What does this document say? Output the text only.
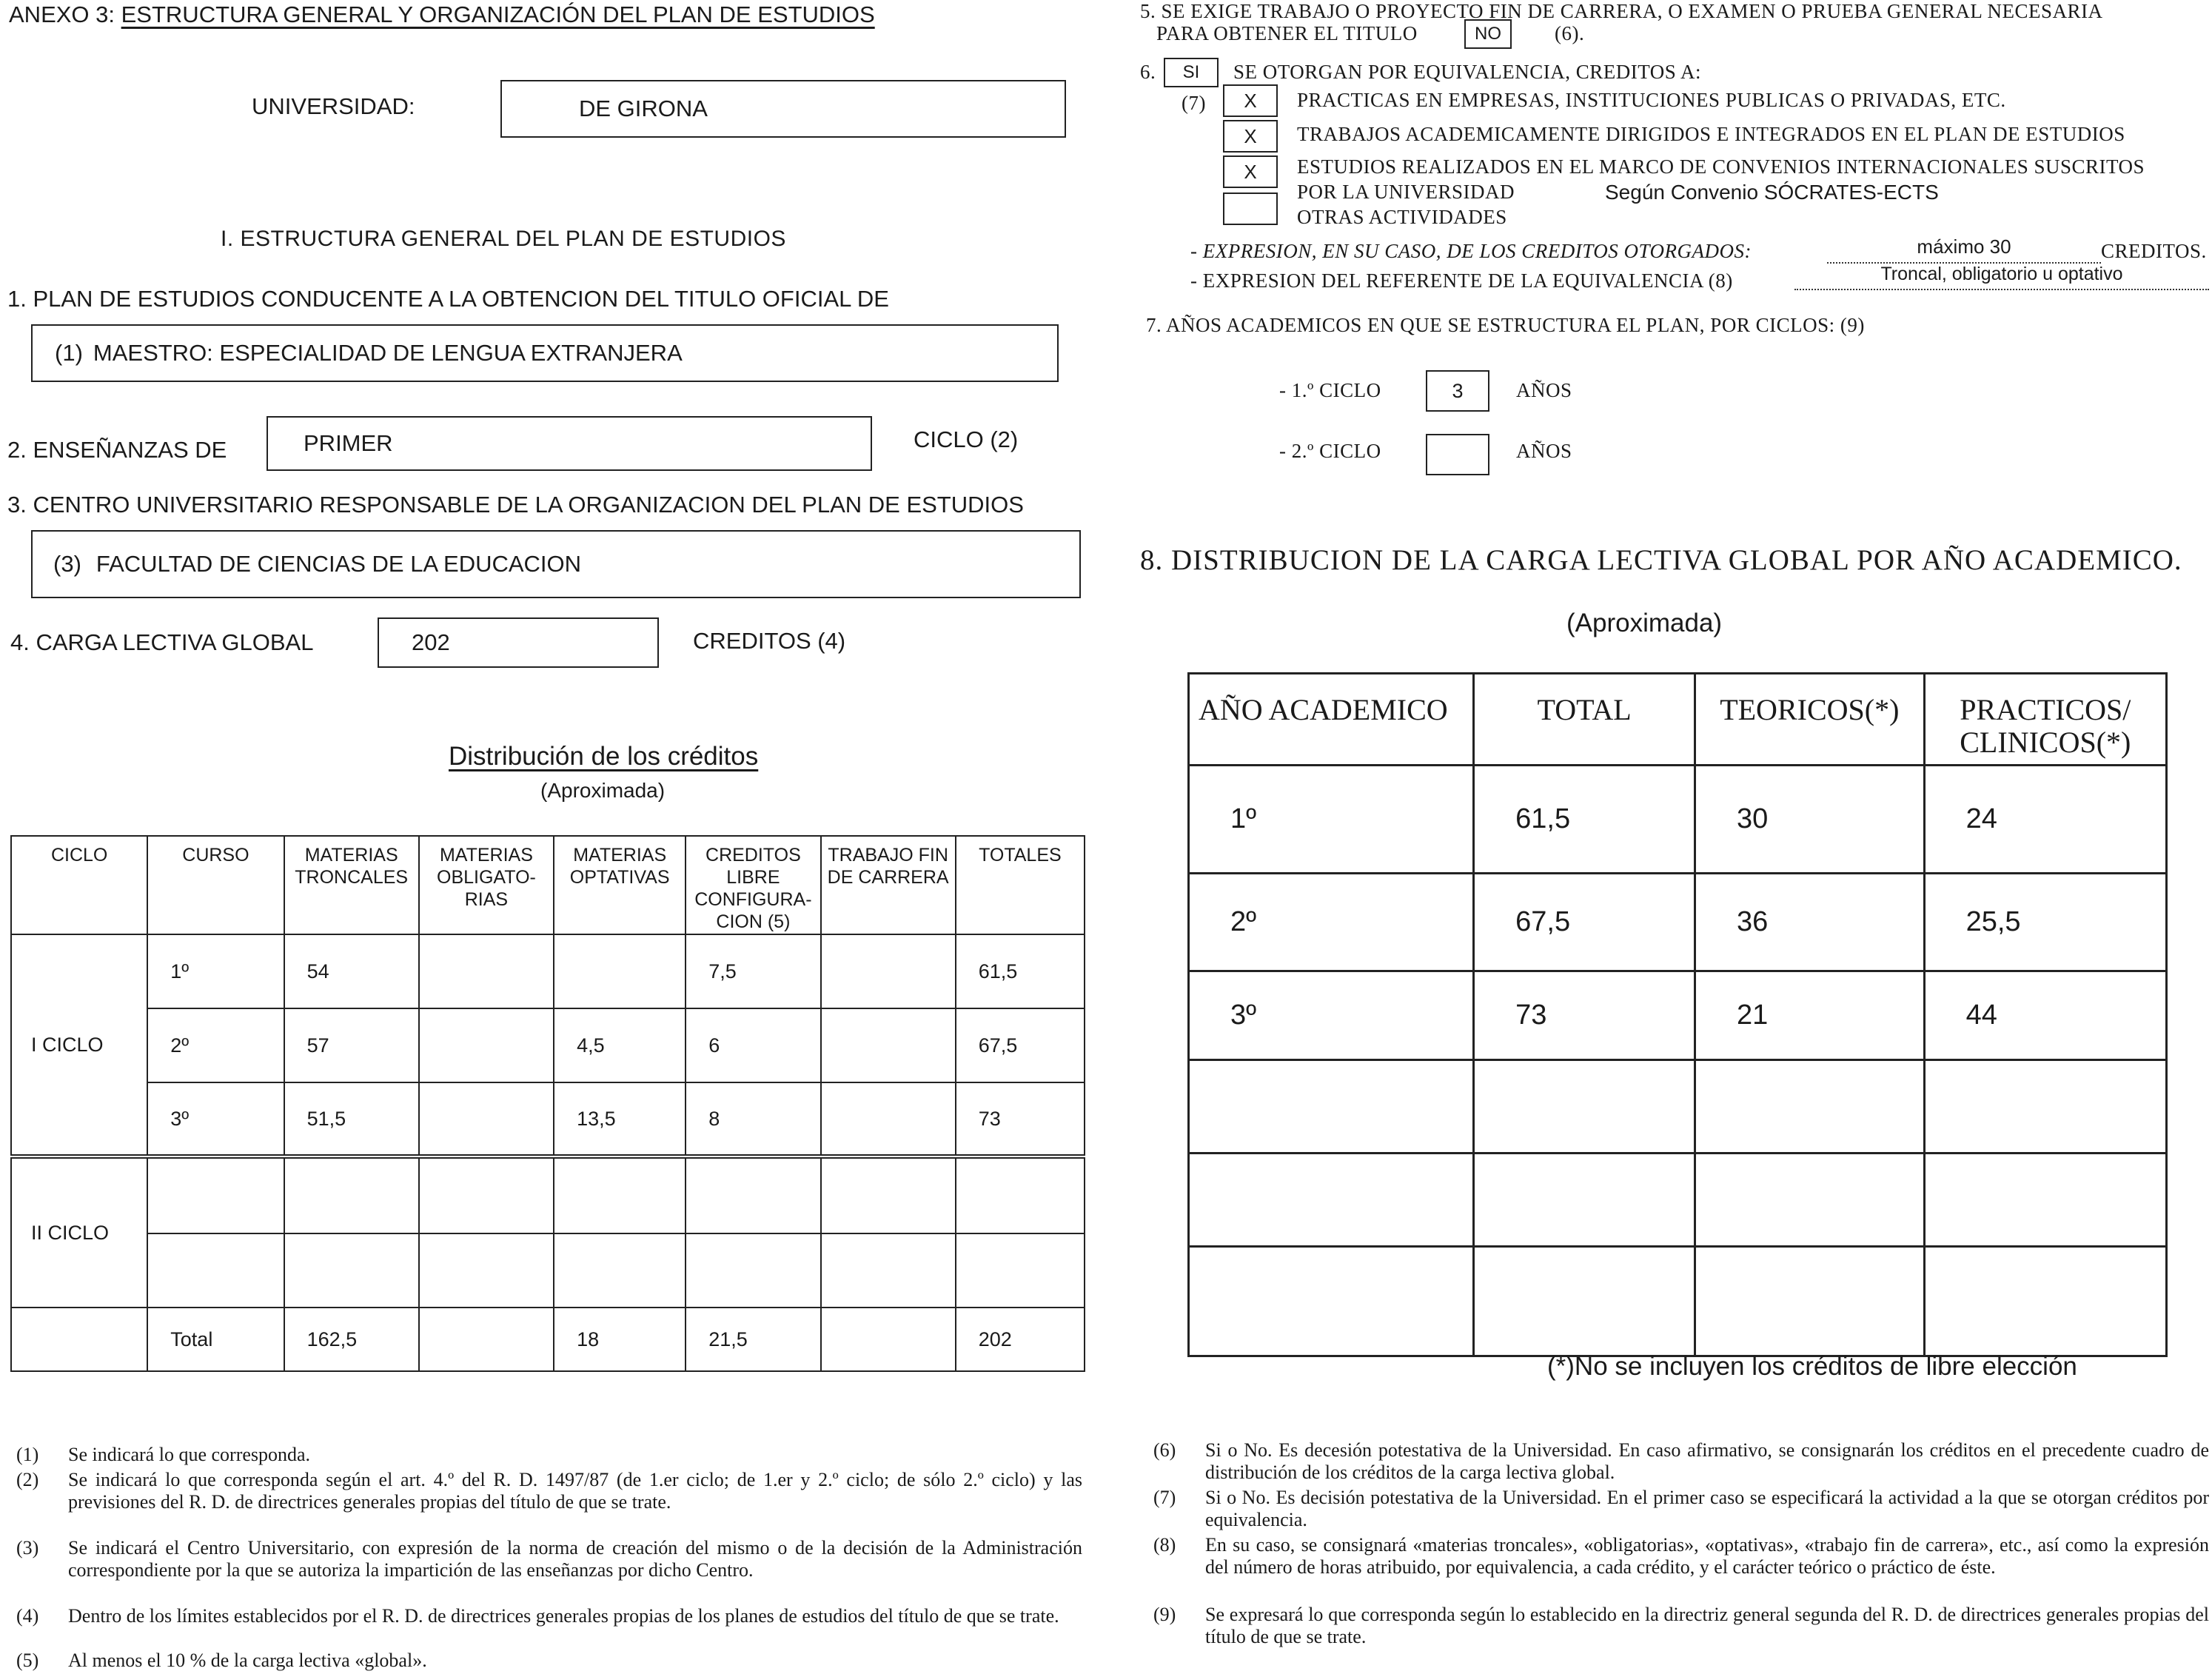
ANEXO 3: ESTRUCTURA GENERAL Y ORGANIZACIÓN DEL PLAN DE ESTUDIOS
UNIVERSIDAD:	DE GIRONA
I. ESTRUCTURA GENERAL DEL PLAN DE ESTUDIOS
1. PLAN DE ESTUDIOS CONDUCENTE A LA OBTENCION DEL TITULO OFICIAL DE
(1) MAESTRO: ESPECIALIDAD DE LENGUA EXTRANJERA
2. ENSEÑANZAS DE	PRIMER	CICLO (2)
3. CENTRO UNIVERSITARIO RESPONSABLE DE LA ORGANIZACION DEL PLAN DE ESTUDIOS
(3) FACULTAD DE CIENCIAS DE LA EDUCACION
4. CARGA LECTIVA GLOBAL	202	CREDITOS (4)
Distribución de los créditos
(Aproximada)
CICLO	CURSO	MATERIAS TRONCALES	MATERIAS OBLIGATO-RIAS	MATERIAS OPTATIVAS	CREDITOS LIBRE CONFIGURA-CION (5)	TRABAJO FIN DE CARRERA	TOTALES
I CICLO	1º	54			7,5		61,5
	2º	57		4,5	6		67,5
	3º	51,5		13,5	8		73
II CICLO							

	Total	162,5		18	21,5		202
(1)	Se indicará lo que corresponda.
(2)	Se indicará lo que corresponda según el art. 4.º del R. D. 1497/87 (de 1.er ciclo; de 1.er y 2.º ciclo; de sólo 2.º ciclo) y las previsiones del R. D. de directrices generales propias del título de que se trate.
(3)	Se indicará el Centro Universitario, con expresión de la norma de creación del mismo o de la decisión de la Administración correspondiente por la que se autoriza la impartición de las enseñanzas por dicho Centro.
(4)	Dentro de los límites establecidos por el R. D. de directrices generales propias de los planes de estudios del título de que se trate.
(5)	Al menos el 10 % de la carga lectiva «global».
5. SE EXIGE TRABAJO O PROYECTO FIN DE CARRERA, O EXAMEN O PRUEBA GENERAL NECESARIA
PARA OBTENER EL TITULO	NO	(6).
6. SI SE OTORGAN POR EQUIVALENCIA, CREDITOS A:
(7)	X	PRACTICAS EN EMPRESAS, INSTITUCIONES PUBLICAS O PRIVADAS, ETC.
X	TRABAJOS ACADEMICAMENTE DIRIGIDOS E INTEGRADOS EN EL PLAN DE ESTUDIOS
X	ESTUDIOS REALIZADOS EN EL MARCO DE CONVENIOS INTERNACIONALES SUSCRITOS
POR LA UNIVERSIDAD	Según Convenio SÓCRATES-ECTS
OTRAS ACTIVIDADES
- EXPRESION, EN SU CASO, DE LOS CREDITOS OTORGADOS:	máximo 30	CREDITOS.
- EXPRESION DEL REFERENTE DE LA EQUIVALENCIA (8)	Troncal, obligatorio u optativo
7. AÑOS ACADEMICOS EN QUE SE ESTRUCTURA EL PLAN, POR CICLOS: (9)
- 1.º CICLO	3	AÑOS
- 2.º CICLO	AÑOS
8. DISTRIBUCION DE LA CARGA LECTIVA GLOBAL POR AÑO ACADEMICO.
(Aproximada)
AÑO ACADEMICO	TOTAL	TEORICOS(*)	PRACTICOS/ CLINICOS(*)
1º	61,5	30	24
2º	67,5	36	25,5
3º	73	21	44

(*)No se incluyen los créditos de libre elección
(6)	Si o No. Es decesión potestativa de la Universidad. En caso afirmativo, se consignarán los créditos en el precedente cuadro de distribución de los créditos de la carga lectiva global.
(7)	Si o No. Es decisión potestativa de la Universidad. En el primer caso se especificará la actividad a la que se otorgan créditos por equivalencia.
(8)	En su caso, se consignará «materias troncales», «obligatorias», «optativas», «trabajo fin de carrera», etc., así como la expresión del número de horas atribuido, por equivalencia, a cada crédito, y el carácter teórico o práctico de éste.
(9)	Se expresará lo que corresponda según lo establecido en la directriz general segunda del R. D. de directrices generales propias del título de que se trate.
